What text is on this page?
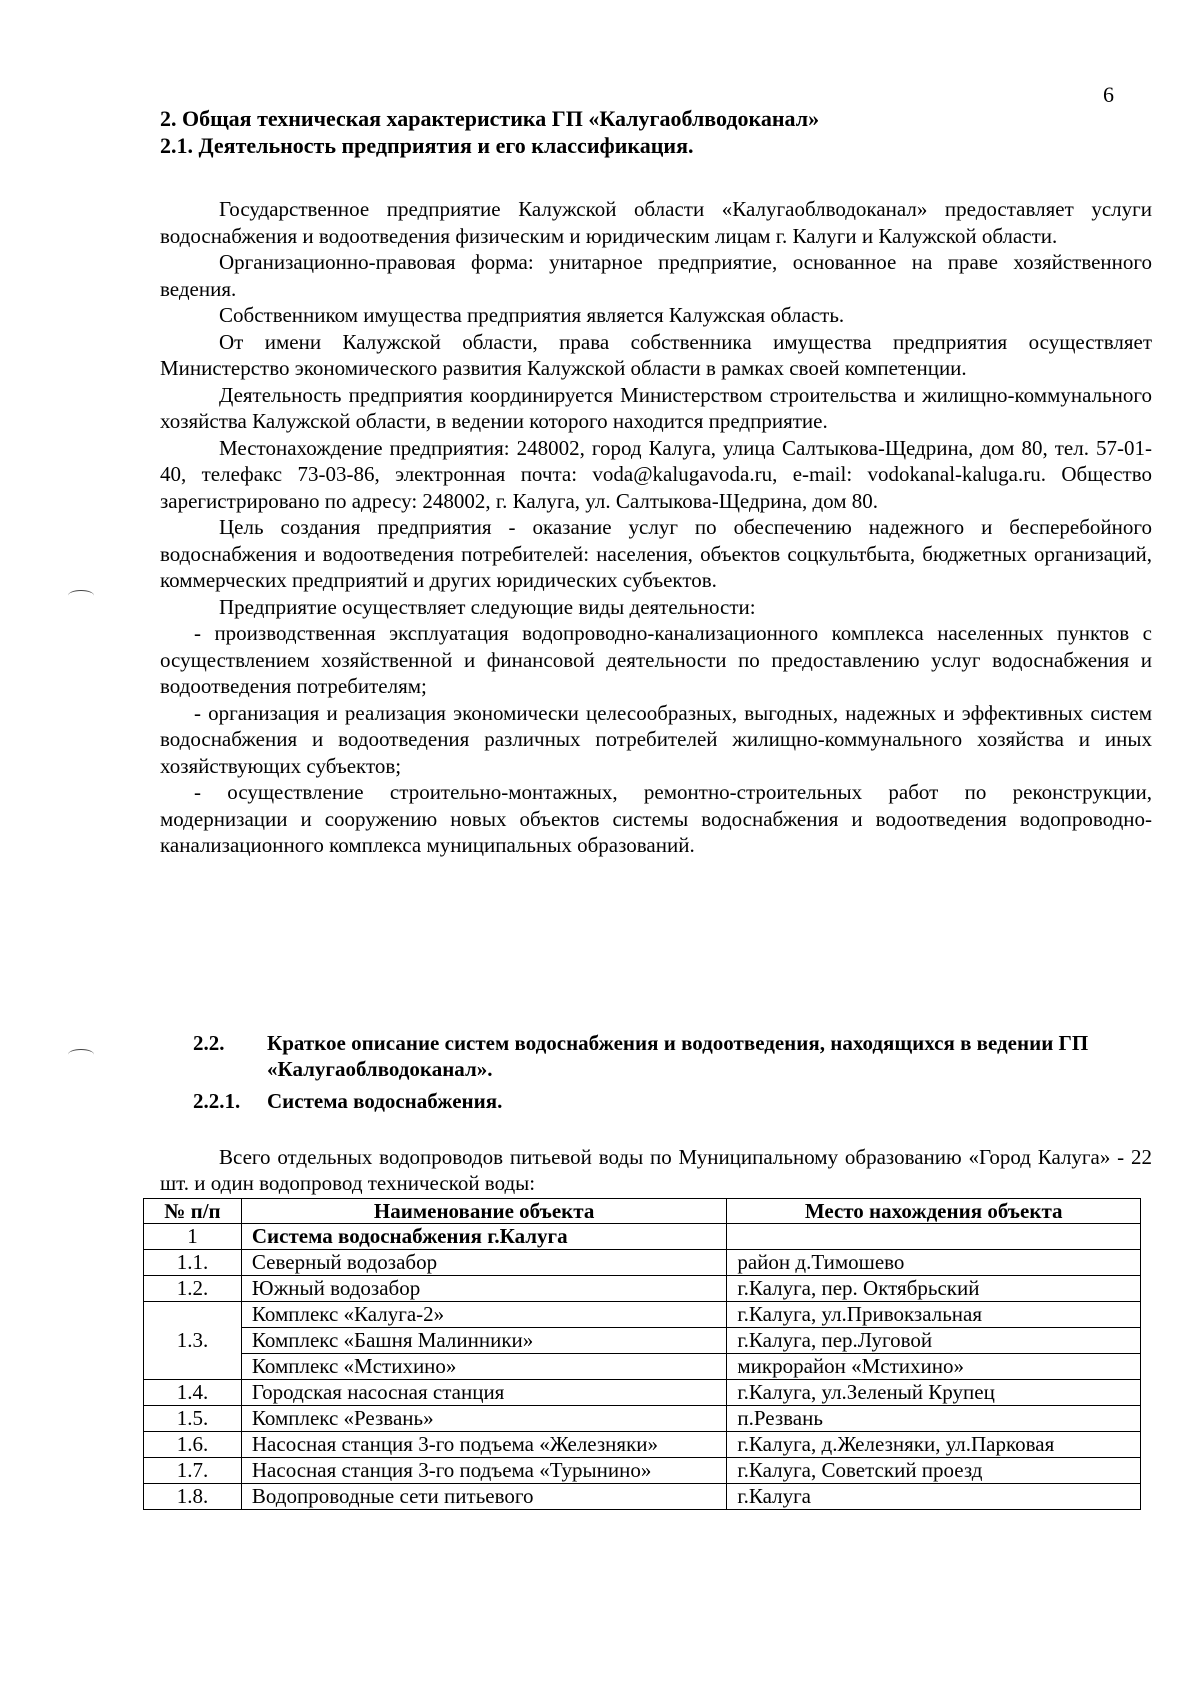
6
2. Общая техническая характеристика ГП «Калугаоблводоканал»
2.1. Деятельность предприятия и его классификация.

Государственное предприятие Калужской области «Калугаоблводоканал» предоставляет услуги водоснабжения и водоотведения физическим и юридическим лицам г. Калуги и Калужской области.

Организационно-правовая форма: унитарное предприятие, основанное на праве хозяйственного ведения.

Собственником имущества предприятия является Калужская область.

От имени Калужской области, права собственника имущества предприятия осуществляет Министерство экономического развития Калужской области в рамках своей компетенции.

Деятельность предприятия координируется Министерством строительства и жилищно-коммунального хозяйства Калужской области, в ведении которого находится предприятие.

Местонахождение предприятия: 248002, город Калуга, улица Салтыкова-Щедрина, дом 80, тел. 57-01-40, телефакс 73-03-86, электронная почта: voda@kalugavoda.ru, e-mail: vodokanal-kaluga.ru. Общество зарегистрировано по адресу: 248002, г. Калуга, ул. Салтыкова-Щедрина, дом 80.

Цель создания предприятия - оказание услуг по обеспечению надежного и бесперебойного водоснабжения и водоотведения потребителей: населения, объектов соцкультбыта, бюджетных организаций, коммерческих предприятий и других юридических субъектов.

Предприятие осуществляет следующие виды деятельности:

- производственная эксплуатация водопроводно-канализационного комплекса населенных пунктов с осуществлением хозяйственной и финансовой деятельности по предоставлению услуг водоснабжения и водоотведения потребителям;

- организация и реализация экономически целесообразных, выгодных, надежных и эффективных систем водоснабжения и водоотведения различных потребителей жилищно-коммунального хозяйства и иных хозяйствующих субъектов;

- осуществление строительно-монтажных, ремонтно-строительных работ по реконструкции, модернизации и сооружению новых объектов системы водоснабжения и водоотведения водопроводно-канализационного комплекса муниципальных образований.

2.2. Краткое описание систем водоснабжения и водоотведения, находящихся в ведении ГП «Калугаоблводоканал».
2.2.1. Система водоснабжения.

Всего отдельных водопроводов питьевой воды по Муниципальному образованию «Город Калуга» - 22 шт. и один водопровод технической воды:

№ п/п	Наименование объекта	Место нахождения объекта
1	Система водоснабжения г.Калуга	
1.1.	Северный водозабор	район д.Тимошево
1.2.	Южный водозабор	г.Калуга, пер. Октябрьский
1.3.	Комплекс «Калуга-2»	г.Калуга, ул.Привокзальная
	Комплекс «Башня Малинники»	г.Калуга, пер.Луговой
	Комплекс «Мстихино»	микрорайон «Мстихино»
1.4.	Городская насосная станция	г.Калуга, ул.Зеленый Крупец
1.5.	Комплекс «Резвань»	п.Резвань
1.6.	Насосная станция 3-го подъема «Железняки»	г.Калуга, д.Железняки, ул.Парковая
1.7.	Насосная станция 3-го подъема «Турынино»	г.Калуга, Советский проезд
1.8.	Водопроводные сети питьевого	г.Калуга
